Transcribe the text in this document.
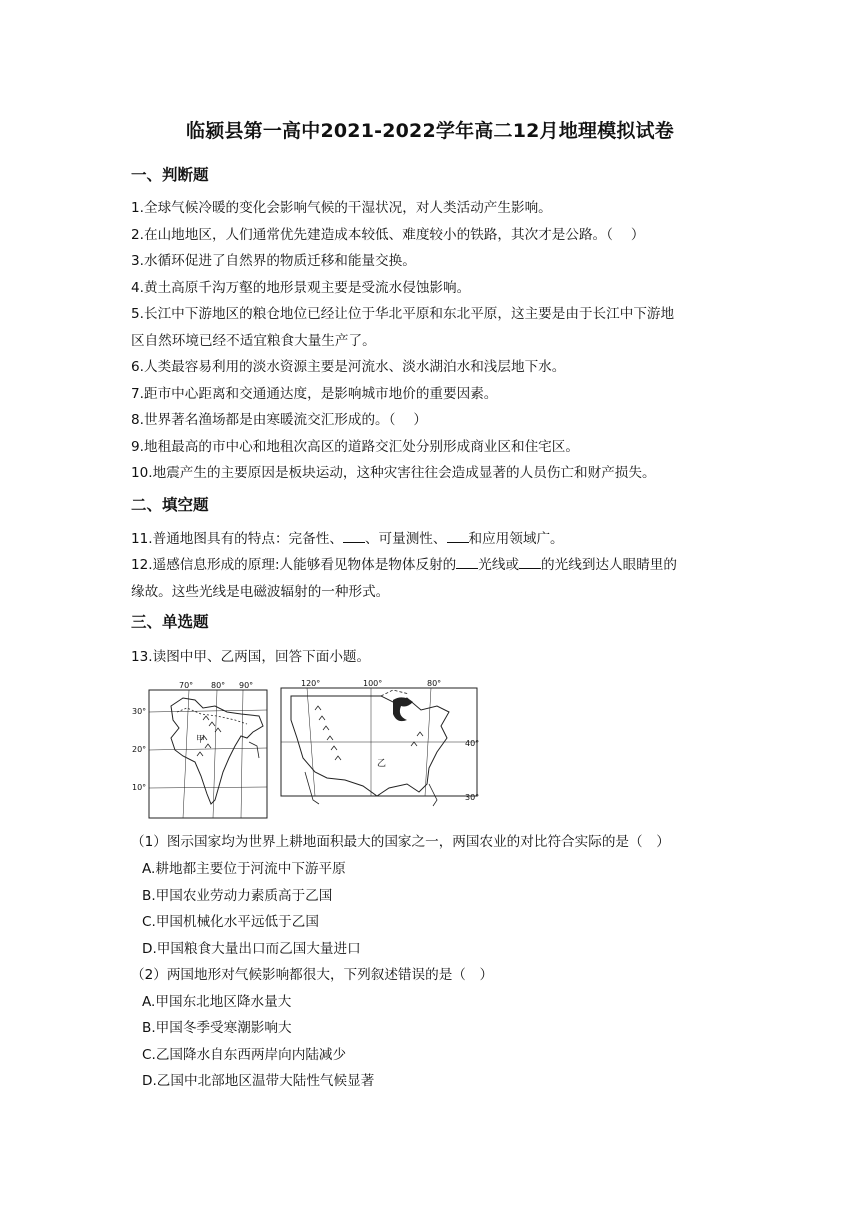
临颍县第一高中2021-2022学年高二12月地理模拟试卷
一、判断题
1.全球气候冷暖的变化会影响气候的干湿状况，对人类活动产生影响。
2.在山地地区，人们通常优先建造成本较低、难度较小的铁路，其次才是公路。（　 ）
3.水循环促进了自然界的物质迁移和能量交换。
4.黄土高原千沟万壑的地形景观主要是受流水侵蚀影响。
5.长江中下游地区的粮仓地位已经让位于华北平原和东北平原，这主要是由于长江中下游地
区自然环境已经不适宜粮食大量生产了。
6.人类最容易利用的淡水资源主要是河流水、淡水湖泊水和浅层地下水。
7.距市中心距离和交通通达度，是影响城市地价的重要因素。
8.世界著名渔场都是由寒暖流交汇形成的。（　 ）
9.地租最高的市中心和地租次高区的道路交汇处分别形成商业区和住宅区。
10.地震产生的主要原因是板块运动，这种灾害往往会造成显著的人员伤亡和财产损失。
二、填空题
11.普通地图具有的特点：完备性、 、可量测性、 和应用领域广。
12.遥感信息形成的原理:人能够看见物体是物体反射的 光线或 的光线到达人眼睛里的
缘故。这些光线是电磁波辐射的一种形式。
三、单选题
13.读图中甲、乙两国，回答下面小题。
70° 80° 90°
30°
20°
10°
甲
120°	100°	80°
40°
30°
乙
（1）图示国家均为世界上耕地面积最大的国家之一，两国农业的对比符合实际的是（　）
A.耕地都主要位于河流中下游平原
B.甲国农业劳动力素质高于乙国
C.甲国机械化水平远低于乙国
D.甲国粮食大量出口而乙国大量进口
（2）两国地形对气候影响都很大，下列叙述错误的是（　）
A.甲国东北地区降水量大
B.甲国冬季受寒潮影响大
C.乙国降水自东西两岸向内陆减少
D.乙国中北部地区温带大陆性气候显著
